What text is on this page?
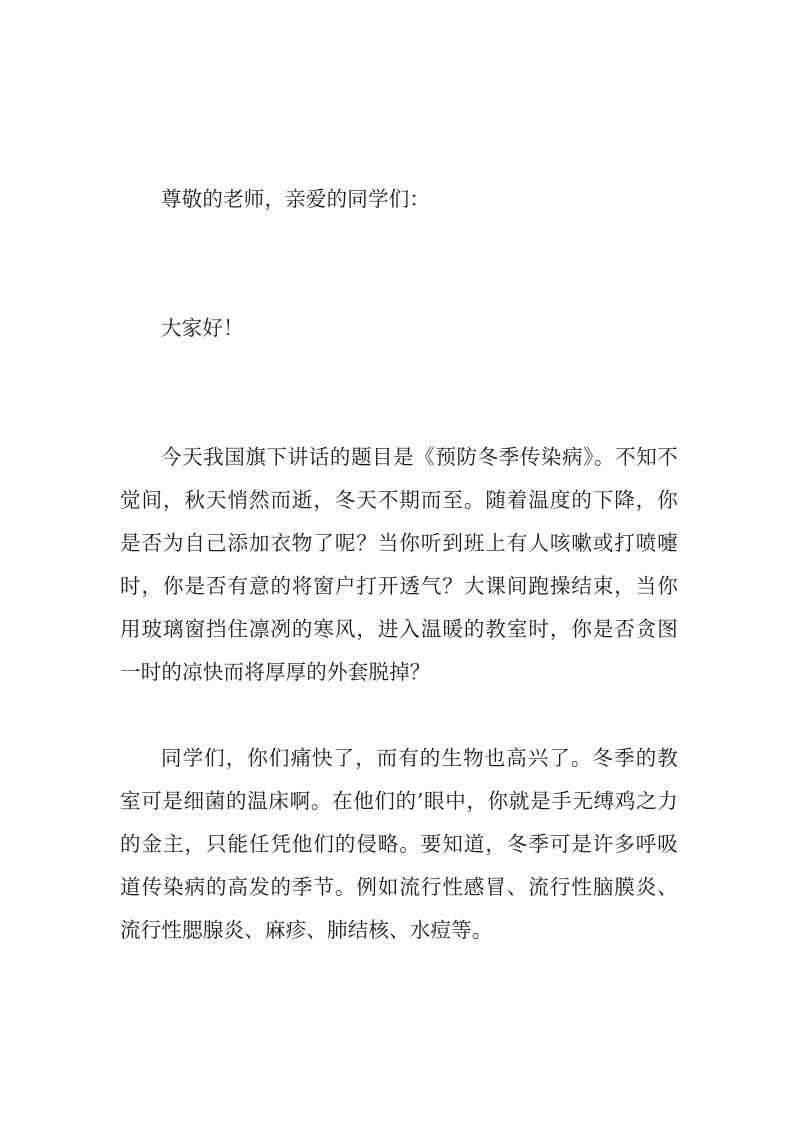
尊敬的老师，亲爱的同学们：

大家好！

今天我国旗下讲话的题目是《预防冬季传染病》。不知不觉间，秋天悄然而逝，冬天不期而至。随着温度的下降，你是否为自己添加衣物了呢？当你听到班上有人咳嗽或打喷嚏时，你是否有意的将窗户打开透气？大课间跑操结束，当你用玻璃窗挡住凛冽的寒风，进入温暖的教室时，你是否贪图一时的凉快而将厚厚的外套脱掉？

同学们，你们痛快了，而有的生物也高兴了。冬季的教室可是细菌的温床啊。在他们的’眼中，你就是手无缚鸡之力的金主，只能任凭他们的侵略。要知道，冬季可是许多呼吸道传染病的高发的季节。例如流行性感冒、流行性脑膜炎、流行性腮腺炎、麻疹、肺结核、水痘等。
